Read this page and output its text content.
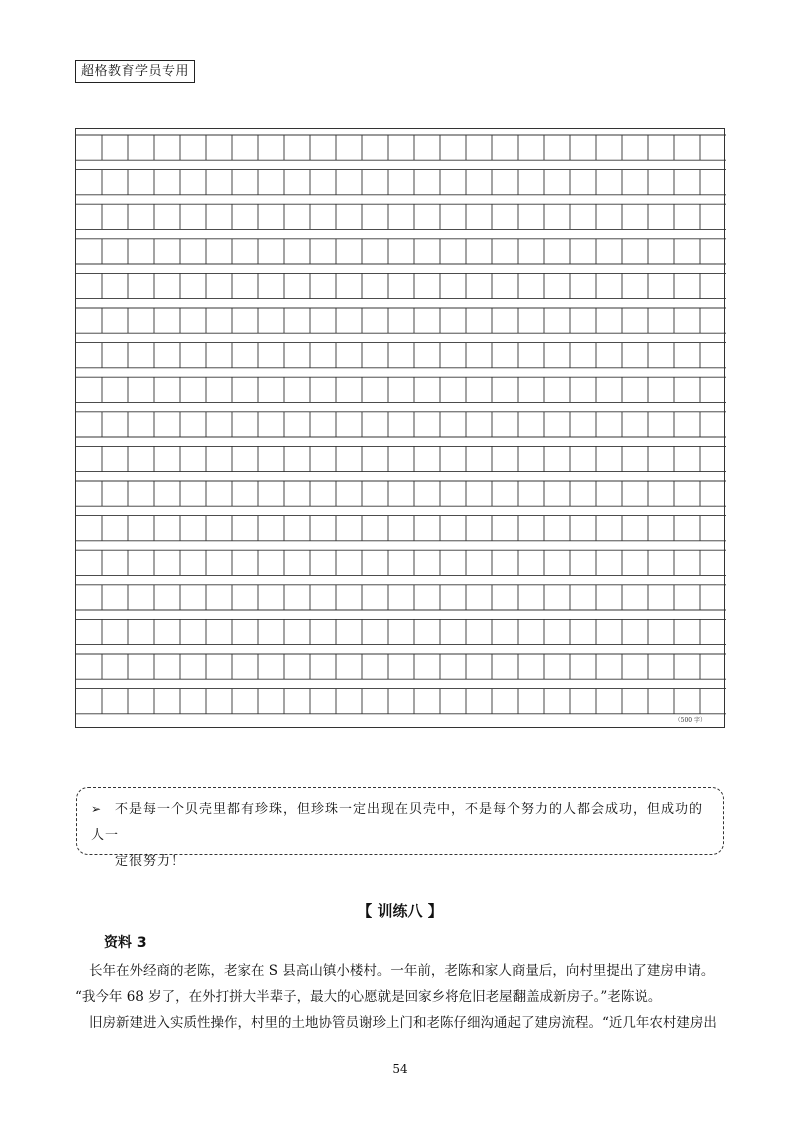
超格教育学员专用
（500 字）
➢ 不是每一个贝壳里都有珍珠，但珍珠一定出现在贝壳中，不是每个努力的人都会成功，但成功的人一
定很努力！
【 训练八 】
资料 3
长年在外经商的老陈，老家在 S 县高山镇小楼村。一年前，老陈和家人商量后，向村里提出了建房申请。
“我今年 68 岁了，在外打拼大半辈子，最大的心愿就是回家乡将危旧老屋翻盖成新房子。”老陈说。
旧房新建进入实质性操作，村里的土地协管员谢珍上门和老陈仔细沟通起了建房流程。“近几年农村建房出
54
